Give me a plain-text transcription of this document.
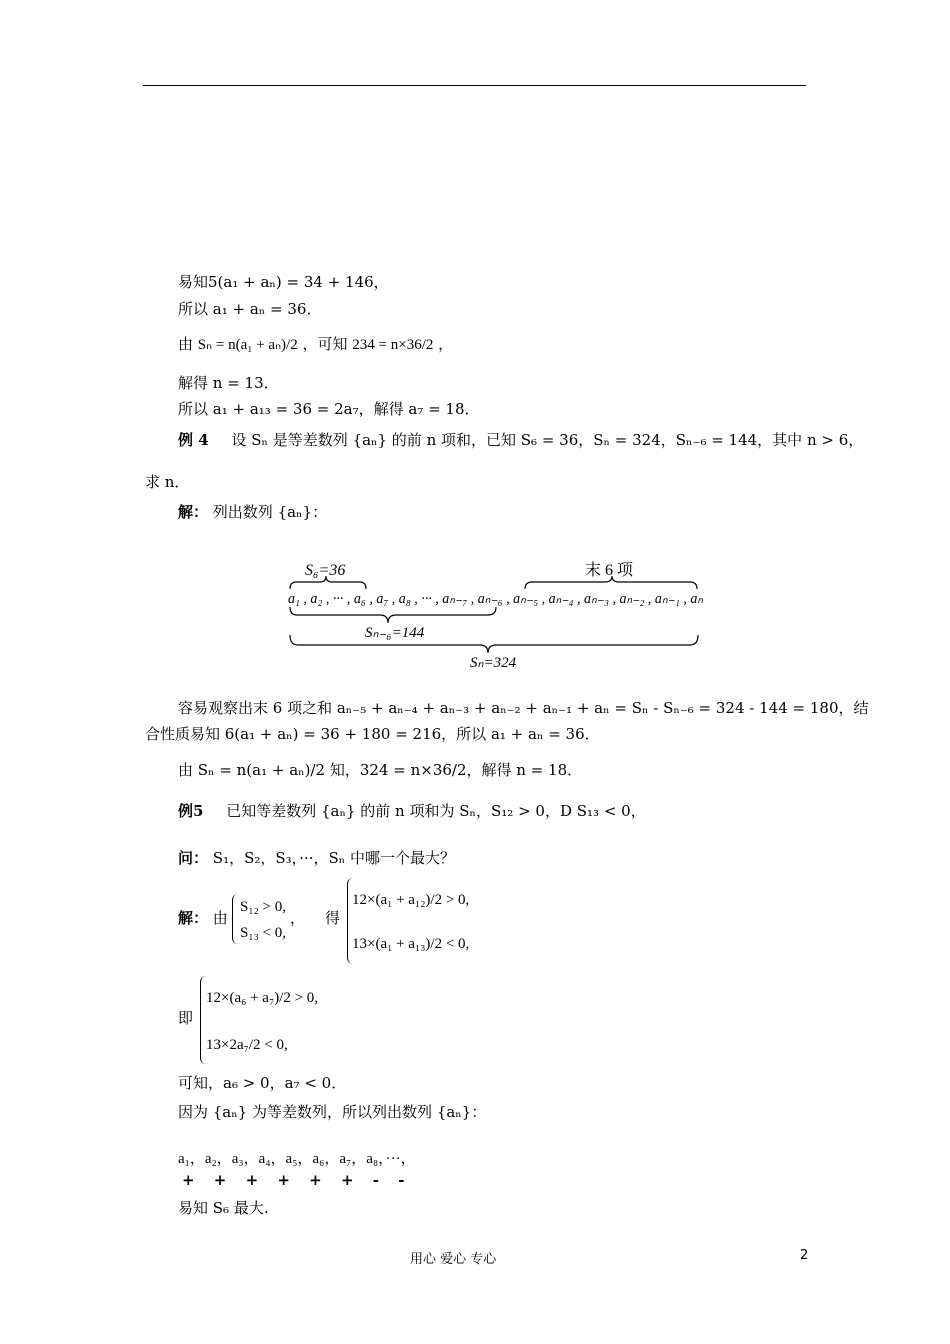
易知5(a₁ + aₙ) = 34 + 146，
所以 a₁ + aₙ = 36．
由 Sₙ = n(a₁ + aₙ)/2 ，可知 234 = n×36/2 ，
解得 n = 13．
所以 a₁ + a₁₃ = 36 = 2a₇，解得 a₇ = 18．
例 4 设 Sₙ 是等差数列 {aₙ} 的前 n 项和，已知 S₆ = 36，Sₙ = 324，Sₙ₋₆ = 144，其中 n > 6，
求 n．
解： 列出数列 {aₙ}：
S₆=36	末 6 项
a₁ , a₂ , ··· , a₆ , a₇ , a₈ , ··· , aₙ₋₇ , aₙ₋₆ , aₙ₋₅ , aₙ₋₄ , aₙ₋₃ , aₙ₋₂ , aₙ₋₁ , aₙ
Sₙ₋₆=144
Sₙ=324
容易观察出末 6 项之和 aₙ₋₅ + aₙ₋₄ + aₙ₋₃ + aₙ₋₂ + aₙ₋₁ + aₙ = Sₙ - Sₙ₋₆ = 324 - 144 = 180，结
合性质易知 6(a₁ + aₙ) = 36 + 180 = 216，所以 a₁ + aₙ = 36．
由 Sₙ = n(a₁ + aₙ)/2 知，324 = n×36/2，解得 n = 18．
例5 已知等差数列 {aₙ} 的前 n 项和为 Sₙ，S₁₂ > 0，D S₁₃ < 0，
问： S₁，S₂，S₃，···，Sₙ 中哪一个最大？
解： 由
S₁₂ > 0,
S₁₃ < 0,
， 得
12×(a₁ + a₁₂)/2 > 0,
13×(a₁ + a₁₃)/2 < 0,
即
12×(a₆ + a₇)/2 > 0,
13×2a₇/2 < 0,
可知，a₆ > 0，a₇ < 0．
因为 {aₙ} 为等差数列，所以列出数列 {aₙ}：
a₁，a₂，a₃，a₄，a₅，a₆，a₇，a₈，···，
+ + + + + + - -
易知 S₆ 最大.
用心 爱心 专心	2
